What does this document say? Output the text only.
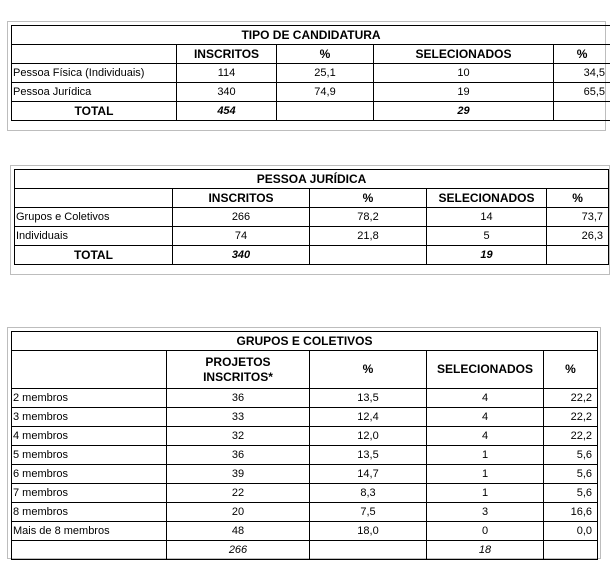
TIPO DE CANDIDATURA				
	INSCRITOS	%	SELECIONADOS	%
Pessoa Física (Individuais)	114	25,1	10	34,5
Pessoa Jurídica	340	74,9	19	65,5
TOTAL	454		29	
PESSOA JURÍDICA				
	INSCRITOS	%	SELECIONADOS	%
Grupos e Coletivos	266	78,2	14	73,7
Individuais	74	21,8	5	26,3
TOTAL	340		19	
GRUPOS E COLETIVOS				
	PROJETOS INSCRITOS*	%	SELECIONADOS	%
2 membros	36	13,5	4	22,2
3 membros	33	12,4	4	22,2
4 membros	32	12,0	4	22,2
5 membros	36	13,5	1	5,6
6 membros	39	14,7	1	5,6
7 membros	22	8,3	1	5,6
8 membros	20	7,5	3	16,6
Mais de 8 membros	48	18,0	0	0,0
	266		18	
